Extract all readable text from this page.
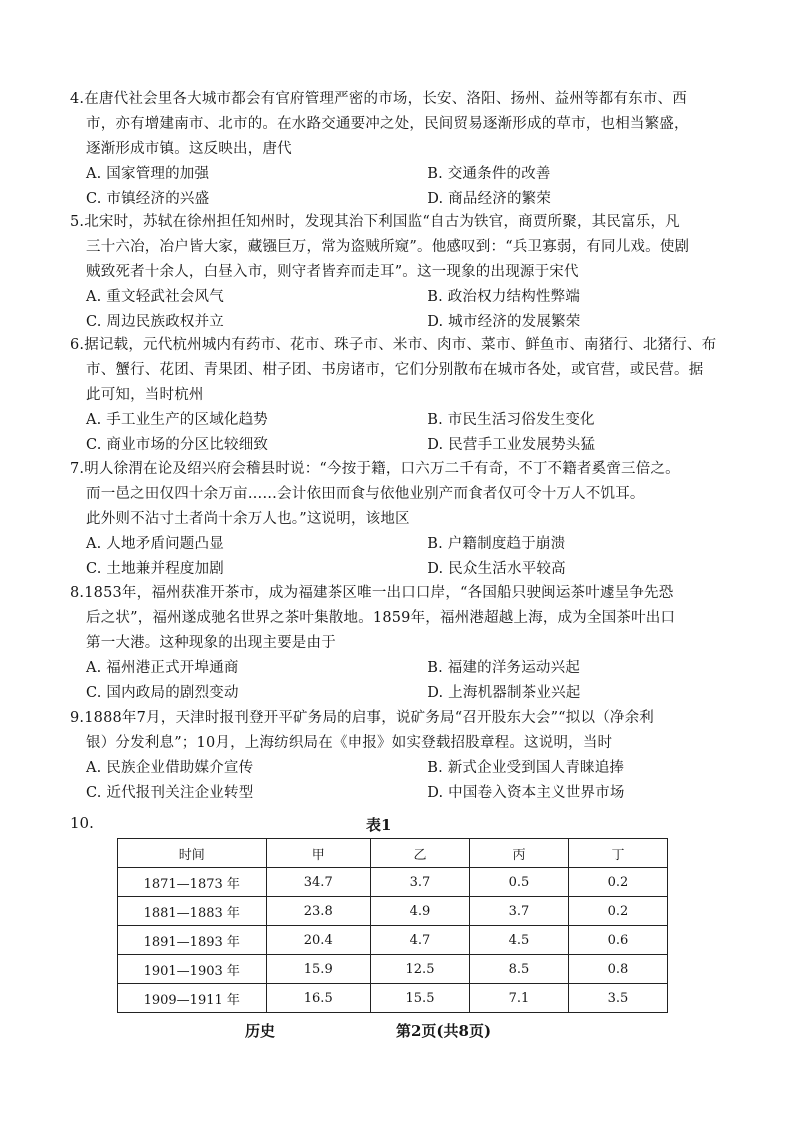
4.在唐代社会里各大城市都会有官府管理严密的市场，长安、洛阳、扬州、益州等都有东市、西
市，亦有增建南市、北市的。在水路交通要冲之处，民间贸易逐渐形成的草市，也相当繁盛，
逐渐形成市镇。这反映出，唐代
A. 国家管理的加强	B. 交通条件的改善
C. 市镇经济的兴盛	D. 商品经济的繁荣
5.北宋时，苏轼在徐州担任知州时，发现其治下利国监“自古为铁官，商贾所聚，其民富乐，凡
三十六冶，冶户皆大家，藏镪巨万，常为盗贼所窥”。他感叹到：“兵卫寡弱，有同儿戏。使剧
贼致死者十余人，白昼入市，则守者皆弃而走耳”。这一现象的出现源于宋代
A. 重文轻武社会风气	B. 政治权力结构性弊端
C. 周边民族政权并立	D. 城市经济的发展繁荣
6.据记载，元代杭州城内有药市、花市、珠子市、米市、肉市、菜市、鲜鱼市、南猪行、北猪行、布
市、蟹行、花团、青果团、柑子团、书房诸市，它们分别散布在城市各处，或官营，或民营。据
此可知，当时杭州
A. 手工业生产的区域化趋势	B. 市民生活习俗发生变化
C. 商业市场的分区比较细致	D. 民营手工业发展势头猛
7.明人徐渭在论及绍兴府会稽县时说：“今按于籍，口六万二千有奇，不丁不籍者奚啻三倍之。
而一邑之田仅四十余万亩……会计依田而食与依他业别产而食者仅可令十万人不饥耳。
此外则不沾寸土者尚十余万人也。”这说明，该地区
A. 人地矛盾问题凸显	B. 户籍制度趋于崩溃
C. 土地兼并程度加剧	D. 民众生活水平较高
8.1853年，福州获准开茶市，成为福建茶区唯一出口口岸，“各国船只驶闽运茶叶遽呈争先恐
后之状”，福州遂成驰名世界之茶叶集散地。1859年，福州港超越上海，成为全国茶叶出口
第一大港。这种现象的出现主要是由于
A. 福州港正式开埠通商	B. 福建的洋务运动兴起
C. 国内政局的剧烈变动	D. 上海机器制茶业兴起
9.1888年7月，天津时报刊登开平矿务局的启事，说矿务局“召开股东大会”“拟以（净余利
银）分发利息”；10月，上海纺织局在《申报》如实登载招股章程。这说明，当时
A. 民族企业借助媒介宣传	B. 新式企业受到国人青睐追捧
C. 近代报刊关注企业转型	D. 中国卷入资本主义世界市场
10.	表1
时间	甲	乙	丙	丁
1871—1873 年	34.7	3.7	0.5	0.2
1881—1883 年	23.8	4.9	3.7	0.2
1891—1893 年	20.4	4.7	4.5	0.6
1901—1903 年	15.9	12.5	8.5	0.8
1909—1911 年	16.5	15.5	7.1	3.5
历史	第2页(共8页)
